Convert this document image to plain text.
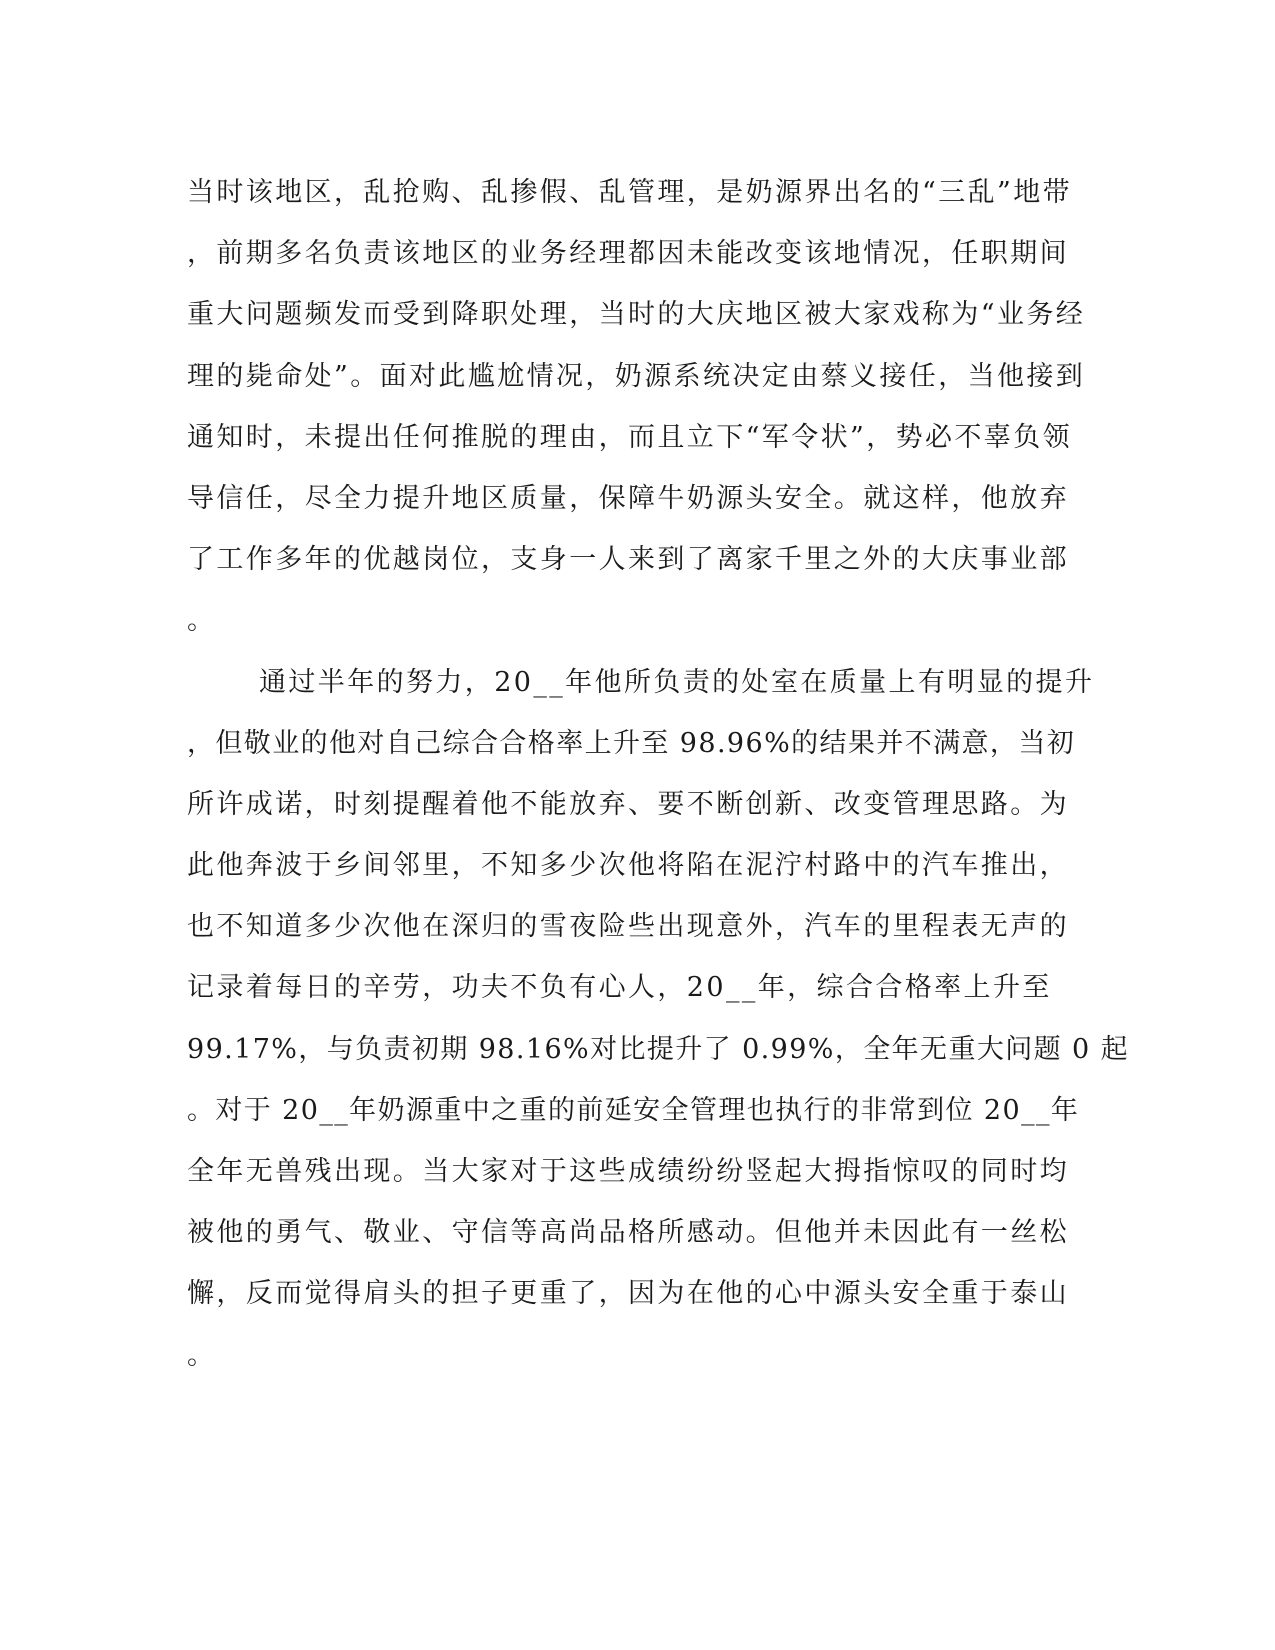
当时该地区，乱抢购、乱掺假、乱管理，是奶源界出名的“三乱”地带
，前期多名负责该地区的业务经理都因未能改变该地情况，任职期间
重大问题频发而受到降职处理，当时的大庆地区被大家戏称为“业务经
理的毙命处”。面对此尴尬情况，奶源系统决定由蔡义接任，当他接到
通知时，未提出任何推脱的理由，而且立下“军令状”，势必不辜负领
导信任，尽全力提升地区质量，保障牛奶源头安全。就这样，他放弃
了工作多年的优越岗位，支身一人来到了离家千里之外的大庆事业部
。
通过半年的努力，20__年他所负责的处室在质量上有明显的提升
，但敬业的他对自己综合合格率上升至 98.96%的结果并不满意，当初
所许成诺，时刻提醒着他不能放弃、要不断创新、改变管理思路。为
此他奔波于乡间邻里，不知多少次他将陷在泥泞村路中的汽车推出，
也不知道多少次他在深归的雪夜险些出现意外，汽车的里程表无声的
记录着每日的辛劳，功夫不负有心人，20__年，综合合格率上升至
99.17%，与负责初期 98.16%对比提升了 0.99%，全年无重大问题 0 起
。对于 20__年奶源重中之重的前延安全管理也执行的非常到位 20__年
全年无兽残出现。当大家对于这些成绩纷纷竖起大拇指惊叹的同时均
被他的勇气、敬业、守信等高尚品格所感动。但他并未因此有一丝松
懈，反而觉得肩头的担子更重了，因为在他的心中源头安全重于泰山
。
